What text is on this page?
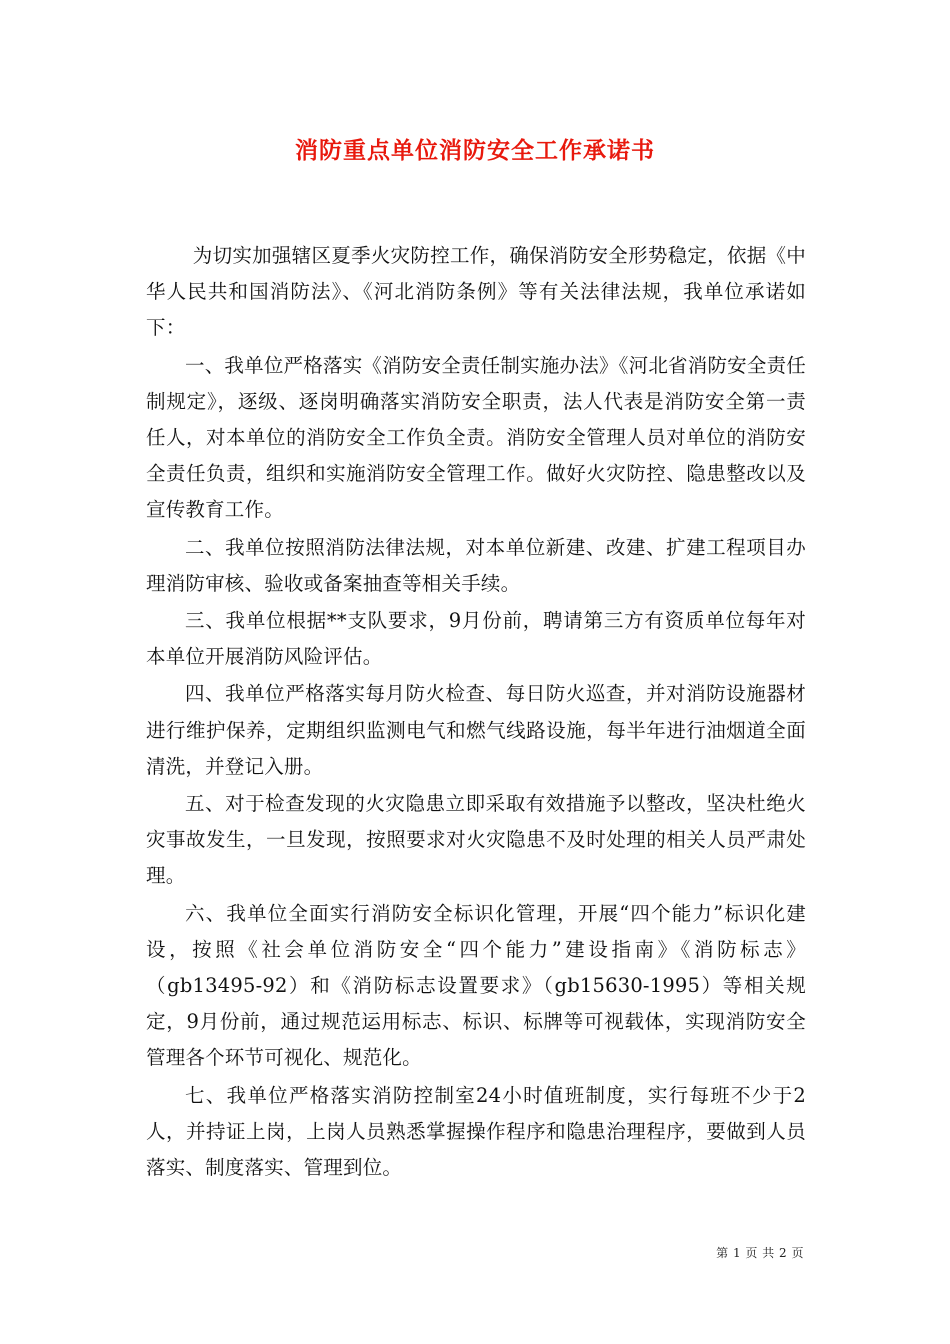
消防重点单位消防安全工作承诺书

为切实加强辖区夏季火灾防控工作，确保消防安全形势稳定，依据《中华人民共和国消防法》、《河北消防条例》等有关法律法规，我单位承诺如下：

一、我单位严格落实《消防安全责任制实施办法》《河北省消防安全责任制规定》，逐级、逐岗明确落实消防安全职责，法人代表是消防安全第一责任人，对本单位的消防安全工作负全责。消防安全管理人员对单位的消防安全责任负责，组织和实施消防安全管理工作。做好火灾防控、隐患整改以及宣传教育工作。

二、我单位按照消防法律法规，对本单位新建、改建、扩建工程项目办理消防审核、验收或备案抽查等相关手续。

三、我单位根据**支队要求，9月份前，聘请第三方有资质单位每年对本单位开展消防风险评估。

四、我单位严格落实每月防火检查、每日防火巡查，并对消防设施器材进行维护保养，定期组织监测电气和燃气线路设施，每半年进行油烟道全面清洗，并登记入册。

五、对于检查发现的火灾隐患立即采取有效措施予以整改，坚决杜绝火灾事故发生，一旦发现，按照要求对火灾隐患不及时处理的相关人员严肃处理。

六、我单位全面实行消防安全标识化管理，开展“四个能力”标识化建设，按照《社会单位消防安全“四个能力”建设指南》《消防标志》（gb13495-92）和《消防标志设置要求》（gb15630-1995）等相关规定，9月份前，通过规范运用标志、标识、标牌等可视载体，实现消防安全管理各个环节可视化、规范化。

七、我单位严格落实消防控制室24小时值班制度，实行每班不少于2人，并持证上岗，上岗人员熟悉掌握操作程序和隐患治理程序，要做到人员落实、制度落实、管理到位。

第 1 页 共 2 页
